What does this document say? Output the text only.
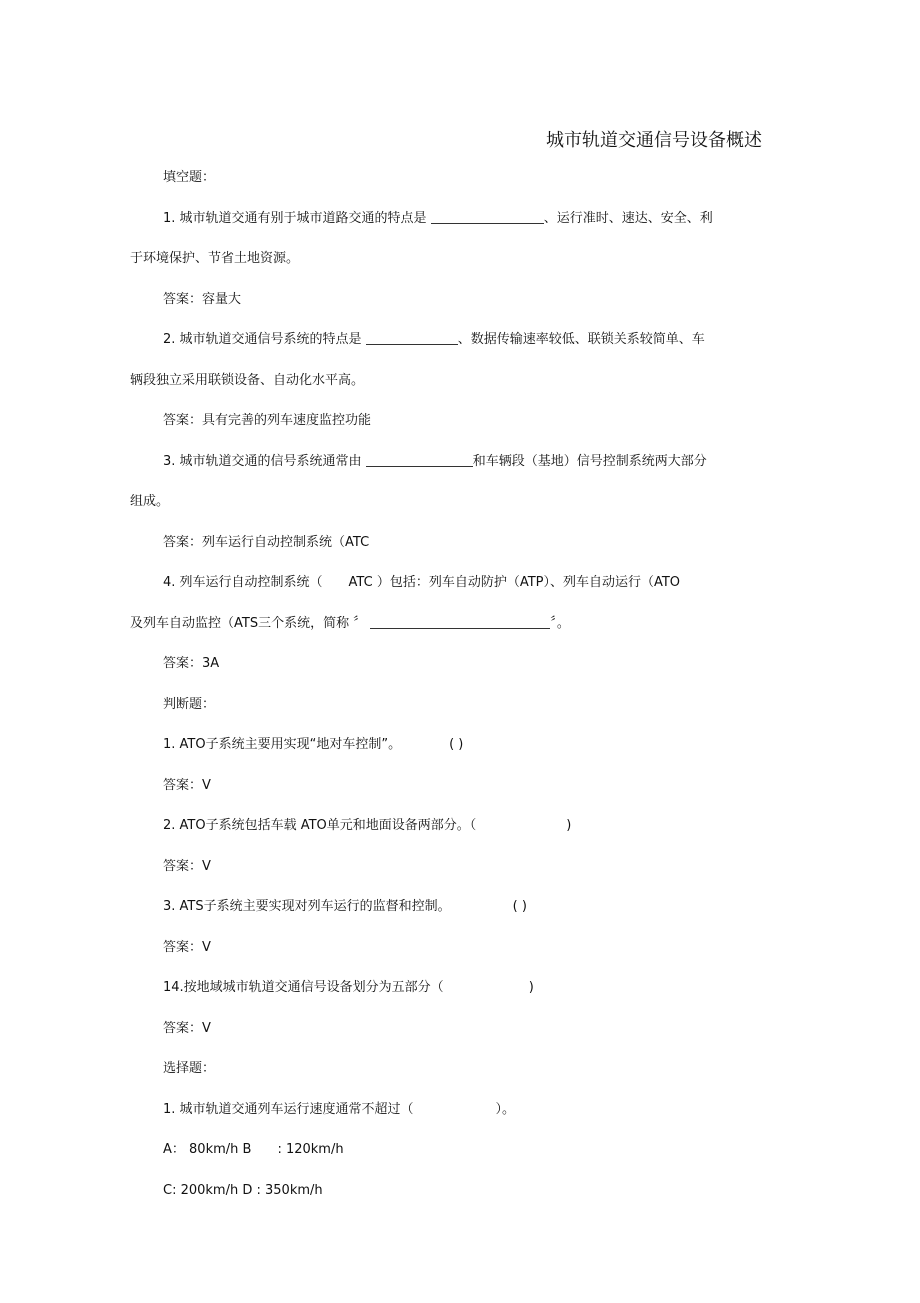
城市轨道交通信号设备概述
填空题：
1. 城市轨道交通有别于城市道路交通的特点是	、运行准时、速达、安全、利
于环境保护、节省土地资源。
答案：容量大
2. 城市轨道交通信号系统的特点是	、数据传输速率较低、联锁关系较简单、车
辆段独立采用联锁设备、自动化水平高。
答案：具有完善的列车速度监控功能
3. 城市轨道交通的信号系统通常由	和车辆段（基地）信号控制系统两大部分
组成。
答案：列车运行自动控制系统（ATC
4. 列车运行自动控制系统（ ATC ）包括：列车自动防护（ATP）、列车自动运行（ATO
及列车自动监控（ATS三个系统，简称 〞	〞。
答案：3A
判断题：
1. ATO子系统主要用实现“地对车控制”。	( )
答案：V
2. ATO子系统包括车载 ATO单元和地面设备两部分。（	)
答案：V
3. ATS子系统主要实现对列车运行的监督和控制。	( )
答案：V
14.按地域城市轨道交通信号设备划分为五部分（	)
答案：V
选择题：
1. 城市轨道交通列车运行速度通常不超过（	）。
A： 80km/h B : 120km/h
C: 200km/h D : 350km/h
